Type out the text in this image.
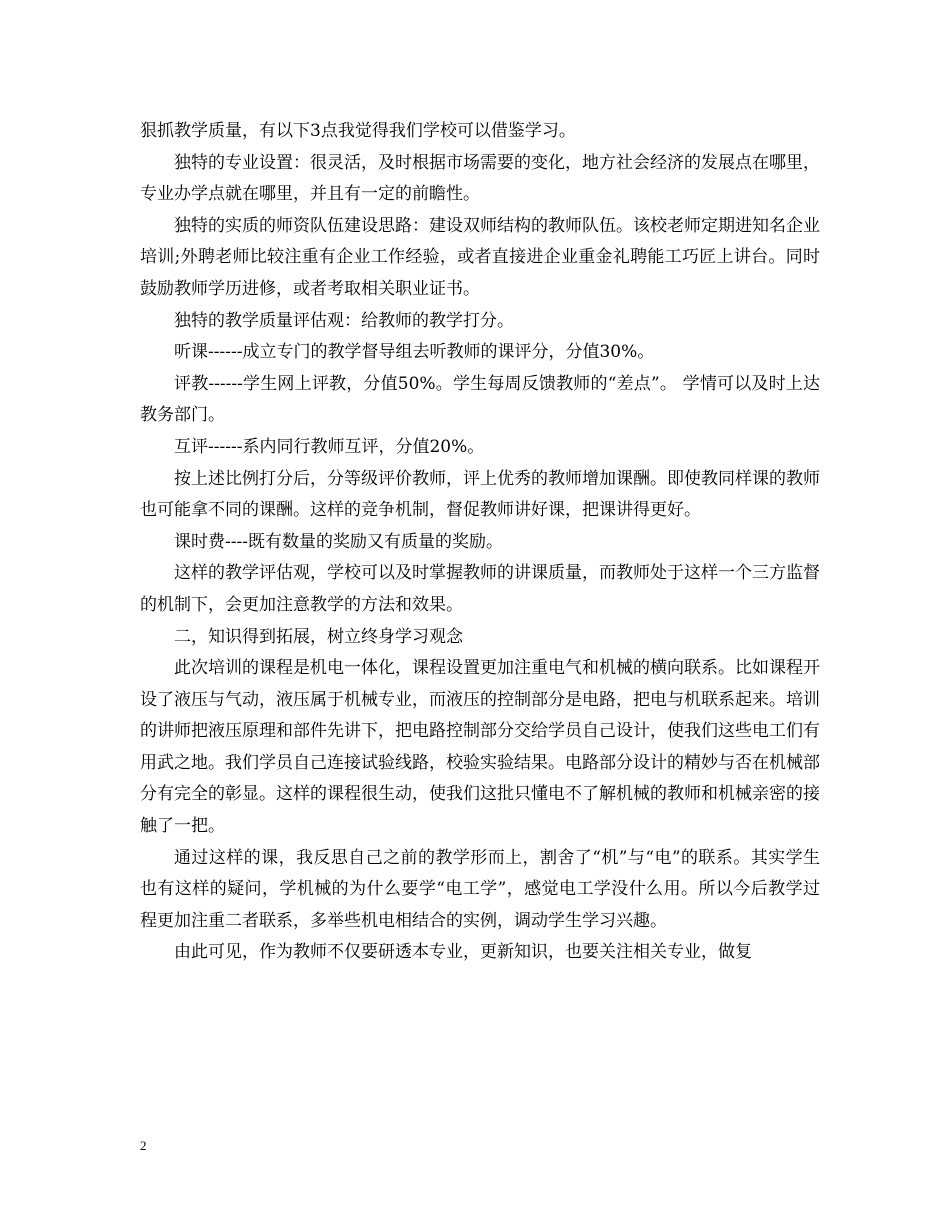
狠抓教学质量，有以下3点我觉得我们学校可以借鉴学习。

独特的专业设置：很灵活，及时根据市场需要的变化，地方社会经济的发展点在哪里，专业办学点就在哪里，并且有一定的前瞻性。

独特的实质的师资队伍建设思路：建设双师结构的教师队伍。该校老师定期进知名企业培训;外聘老师比较注重有企业工作经验，或者直接进企业重金礼聘能工巧匠上讲台。同时鼓励教师学历进修，或者考取相关职业证书。

独特的教学质量评估观：给教师的教学打分。

听课------成立专门的教学督导组去听教师的课评分，分值30%。

评教------学生网上评教，分值50%。学生每周反馈教师的“差点”。 学情可以及时上达教务部门。

互评------系内同行教师互评，分值20%。

按上述比例打分后，分等级评价教师，评上优秀的教师增加课酬。即使教同样课的教师也可能拿不同的课酬。这样的竞争机制，督促教师讲好课，把课讲得更好。

课时费----既有数量的奖励又有质量的奖励。

这样的教学评估观，学校可以及时掌握教师的讲课质量，而教师处于这样一个三方监督的机制下，会更加注意教学的方法和效果。

二，知识得到拓展，树立终身学习观念

此次培训的课程是机电一体化，课程设置更加注重电气和机械的横向联系。比如课程开设了液压与气动，液压属于机械专业，而液压的控制部分是电路，把电与机联系起来。培训的讲师把液压原理和部件先讲下，把电路控制部分交给学员自己设计，使我们这些电工们有用武之地。我们学员自己连接试验线路，校验实验结果。电路部分设计的精妙与否在机械部分有完全的彰显。这样的课程很生动，使我们这批只懂电不了解机械的教师和机械亲密的接触了一把。

通过这样的课，我反思自己之前的教学形而上，割舍了“机”与“电”的联系。其实学生也有这样的疑问，学机械的为什么要学“电工学”，感觉电工学没什么用。所以今后教学过程更加注重二者联系，多举些机电相结合的实例，调动学生学习兴趣。

由此可见，作为教师不仅要研透本专业，更新知识，也要关注相关专业，做复

2
